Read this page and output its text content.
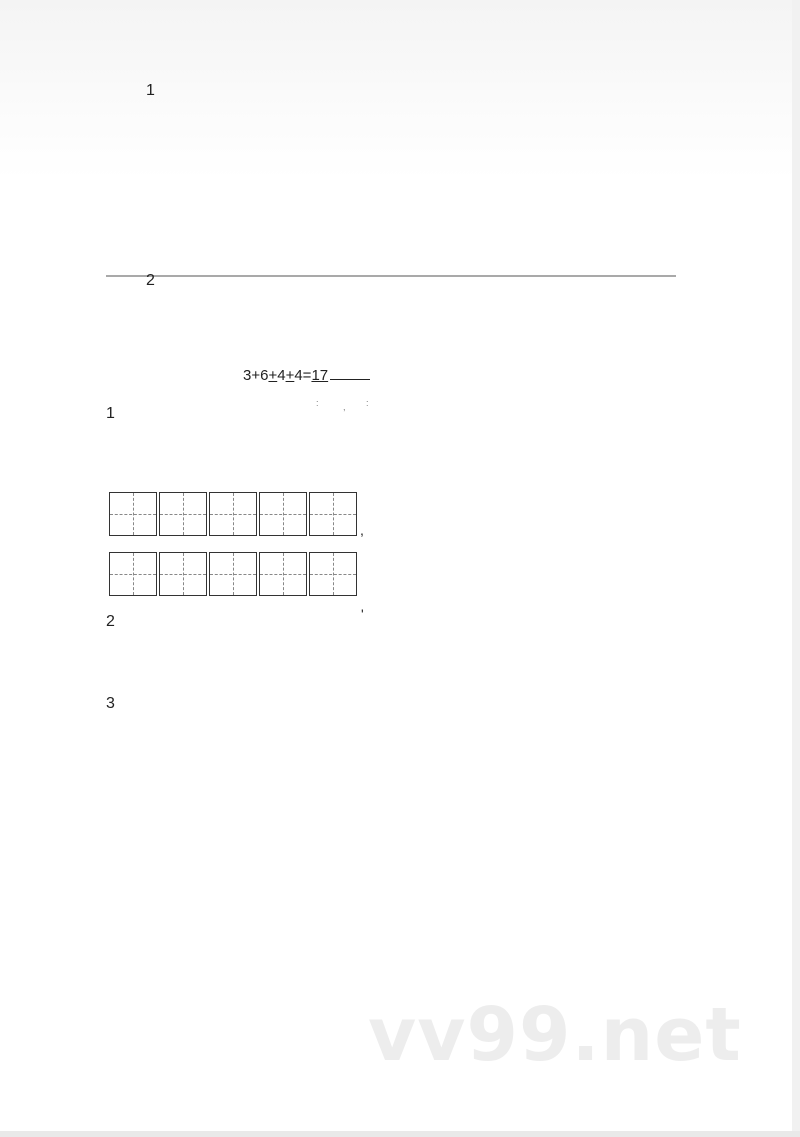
1
2
3+6+4+4=17
:	, :
1
,
'
2
3
vv99.net
